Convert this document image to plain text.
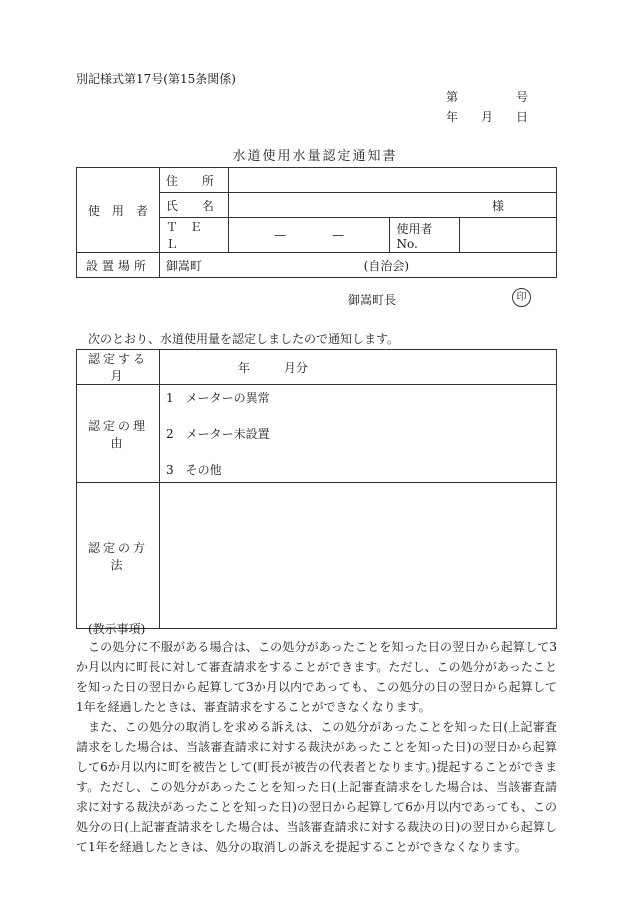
別記様式第17号(第15条関係)
第	号
年 月 日
水道使用水量認定通知書
使　用　者	住　　所			
	氏　　名	様		

	Ｔ　Ｅ　Ｌ	— —	使用者No.	

設置場所	御嵩町 (自治会)			
御嵩町長	印
次のとおり、水道使用量を認定しましたので通知します。
認定する月	年 月分

認定の理由	1　メーターの異常
2　メーター未設置
3　その他

認定の方法	

(教示事項)

この処分に不服がある場合は、この処分があったことを知った日の翌日から起算して3か月以内に町長に対して審査請求をすることができます。ただし、この処分があったことを知った日の翌日から起算して3か月以内であっても、この処分の日の翌日から起算して1年を経過したときは、審査請求をすることができなくなります。

また、この処分の取消しを求める訴えは、この処分があったことを知った日(上記審査請求をした場合は、当該審査請求に対する裁決があったことを知った日)の翌日から起算して6か月以内に町を被告として(町長が被告の代表者となります。)提起することができます。ただし、この処分があったことを知った日(上記審査請求をした場合は、当該審査請求に対する裁決があったことを知った日)の翌日から起算して6か月以内であっても、この処分の日(上記審査請求をした場合は、当該審査請求に対する裁決の日)の翌日から起算して1年を経過したときは、処分の取消しの訴えを提起することができなくなります。
